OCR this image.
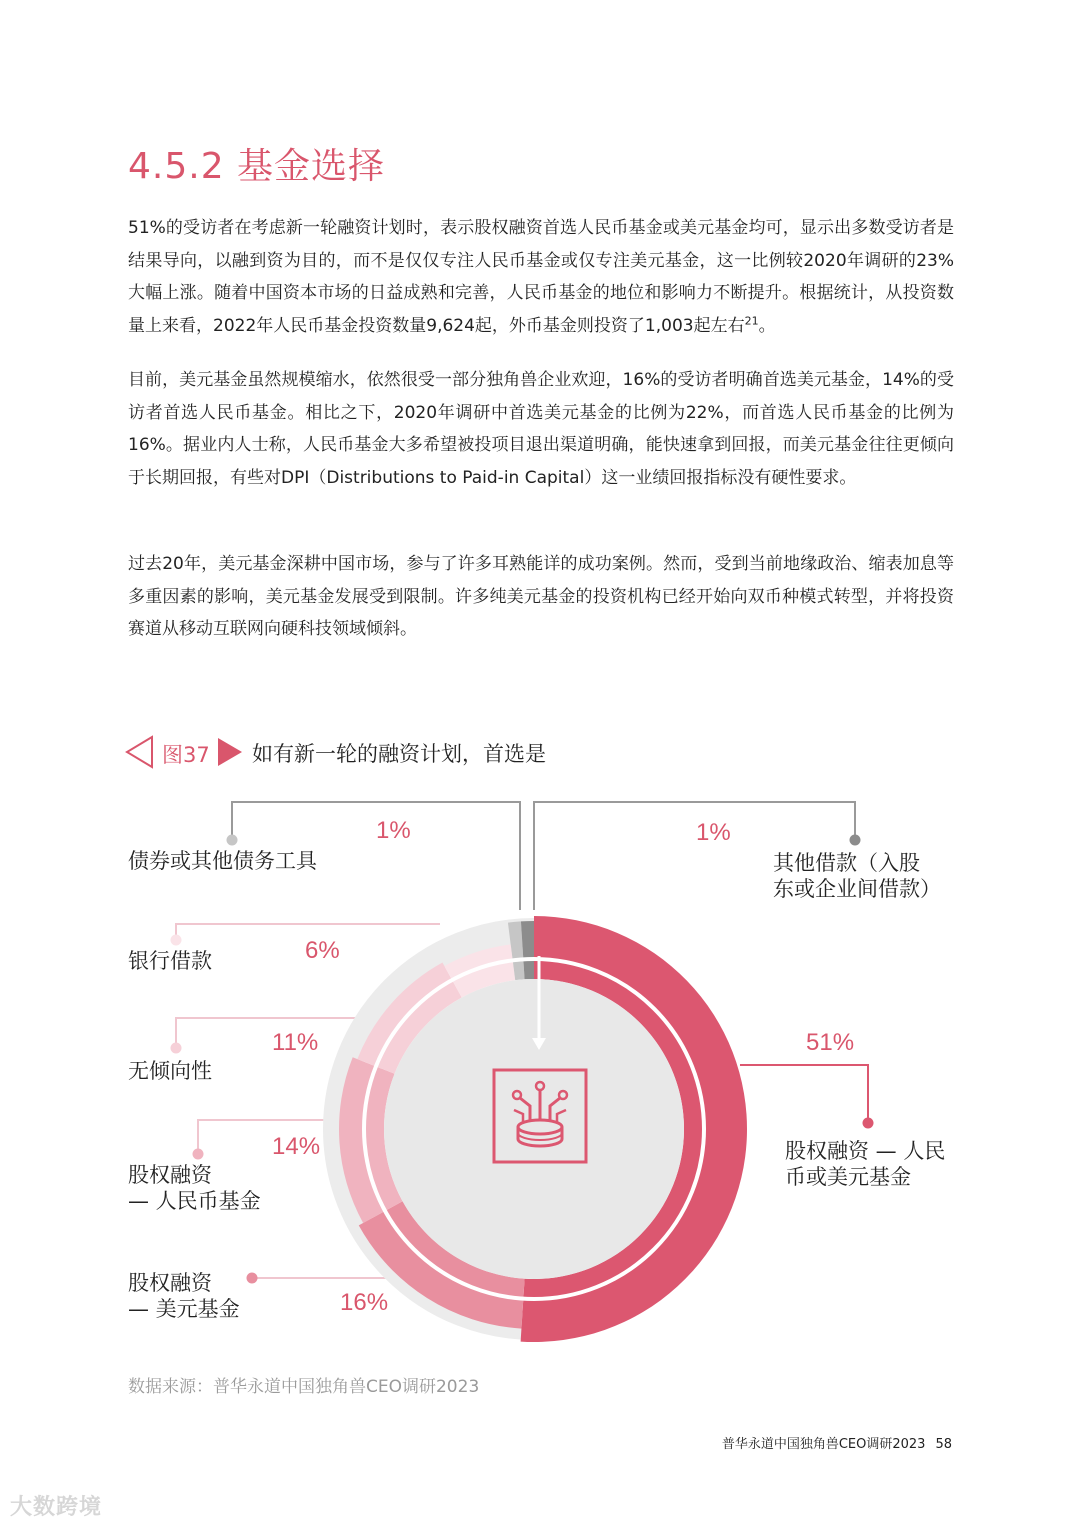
4.5.2 基金选择

51%的受访者在考虑新一轮融资计划时，表示股权融资首选人民币基金或美元基金均可，显示出多数受访者是结果导向，以融到资为目的，而不是仅仅专注人民币基金或仅专注美元基金，这一比例较2020年调研的23%大幅上涨。随着中国资本市场的日益成熟和完善，人民币基金的地位和影响力不断提升。根据统计，从投资数量上来看，2022年人民币基金投资数量9,624起，外币基金则投资了1,003起左右$^{21}$。

目前，美元基金虽然规模缩水，依然很受一部分独角兽企业欢迎，16%的受访者明确首选美元基金，14%的受访者首选人民币基金。相比之下，2020年调研中首选美元基金的比例为22%，而首选人民币基金的比例为16%。据业内人士称，人民币基金大多希望被投项目退出渠道明确，能快速拿到回报，而美元基金往往更倾向于长期回报，有些对DPI（Distributions to Paid-in Capital）这一业绩回报指标没有硬性要求。

过去20年，美元基金深耕中国市场，参与了许多耳熟能详的成功案例。然而，受到当前地缘政治、缩表加息等多重因素的影响，美元基金发展受到限制。许多纯美元基金的投资机构已经开始向双币种模式转型，并将投资赛道从移动互联网向硬科技领域倾斜。

图37 如有新一轮的融资计划，首选是
51%
股权融资 — 人民
币或美元基金
16%
股权融资
— 美元基金
14%
股权融资
— 人民币基金
11%
无倾向性
6%
银行借款
1%
债券或其他债务工具
1%
其他借款（入股
东或企业间借款）

数据来源：普华永道中国独角兽CEO调研2023

普华永道中国独角兽CEO调研2023 58
大数跨境
